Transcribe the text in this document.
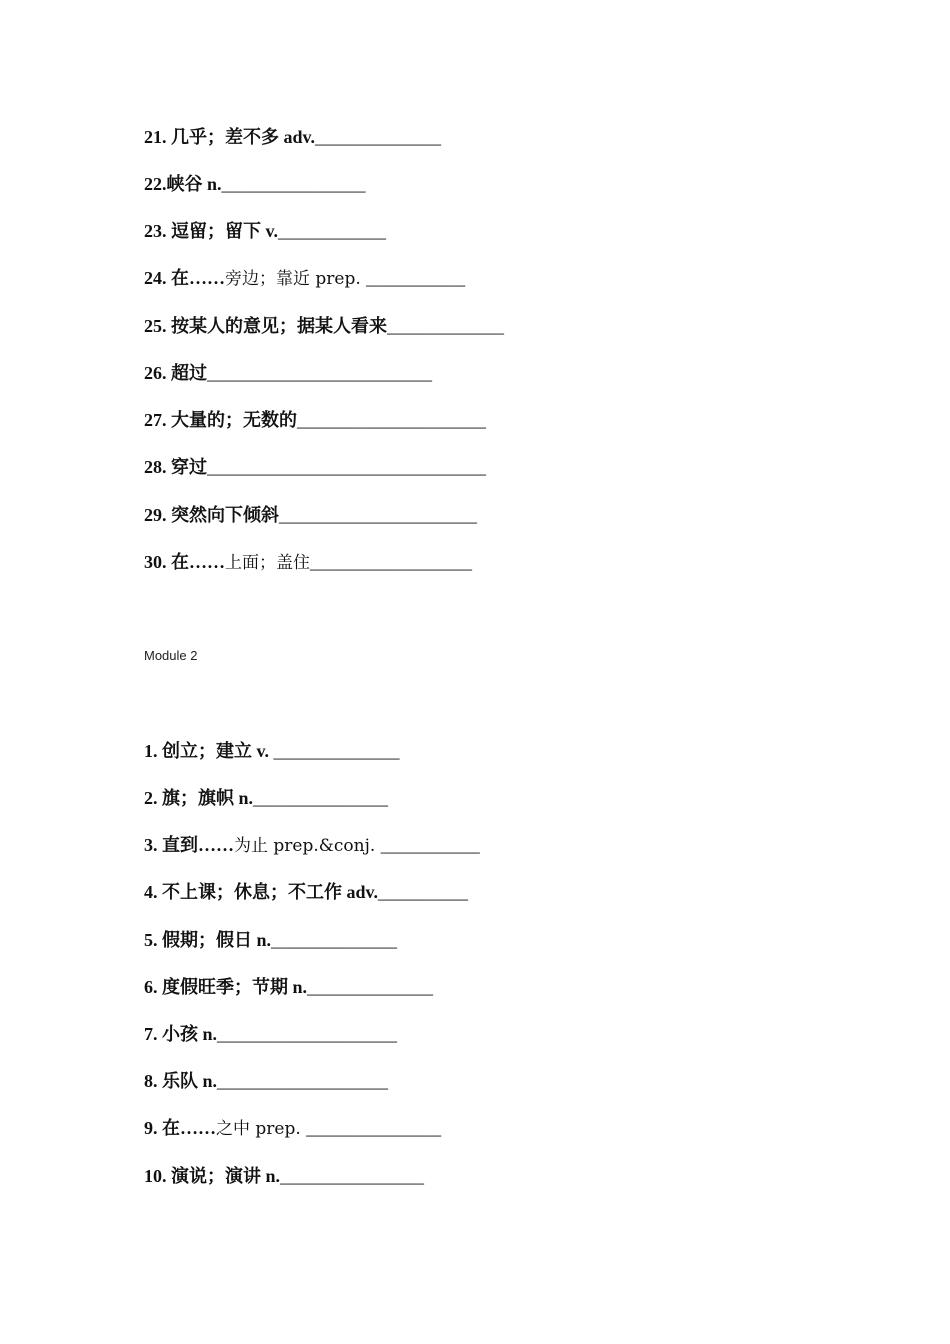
21. 几乎；差不多 adv.______________
22.峡谷 n.________________
23. 逗留；留下 v.____________
24. 在……旁边；靠近 prep. ___________
25. 按某人的意见；据某人看来_____________
26. 超过_________________________
27. 大量的；无数的_____________________
28. 穿过_______________________________
29. 突然向下倾斜______________________
30. 在……上面；盖住__________________
Module 2
1. 创立；建立 v. ______________
2. 旗；旗帜 n._______________
3. 直到……为止 prep.&conj. ___________
4. 不上课；休息；不工作 adv.__________
5. 假期；假日 n.______________
6. 度假旺季；节期 n.______________
7. 小孩 n.____________________
8. 乐队 n.___________________
9. 在……之中 prep. _______________
10. 演说；演讲 n.________________
